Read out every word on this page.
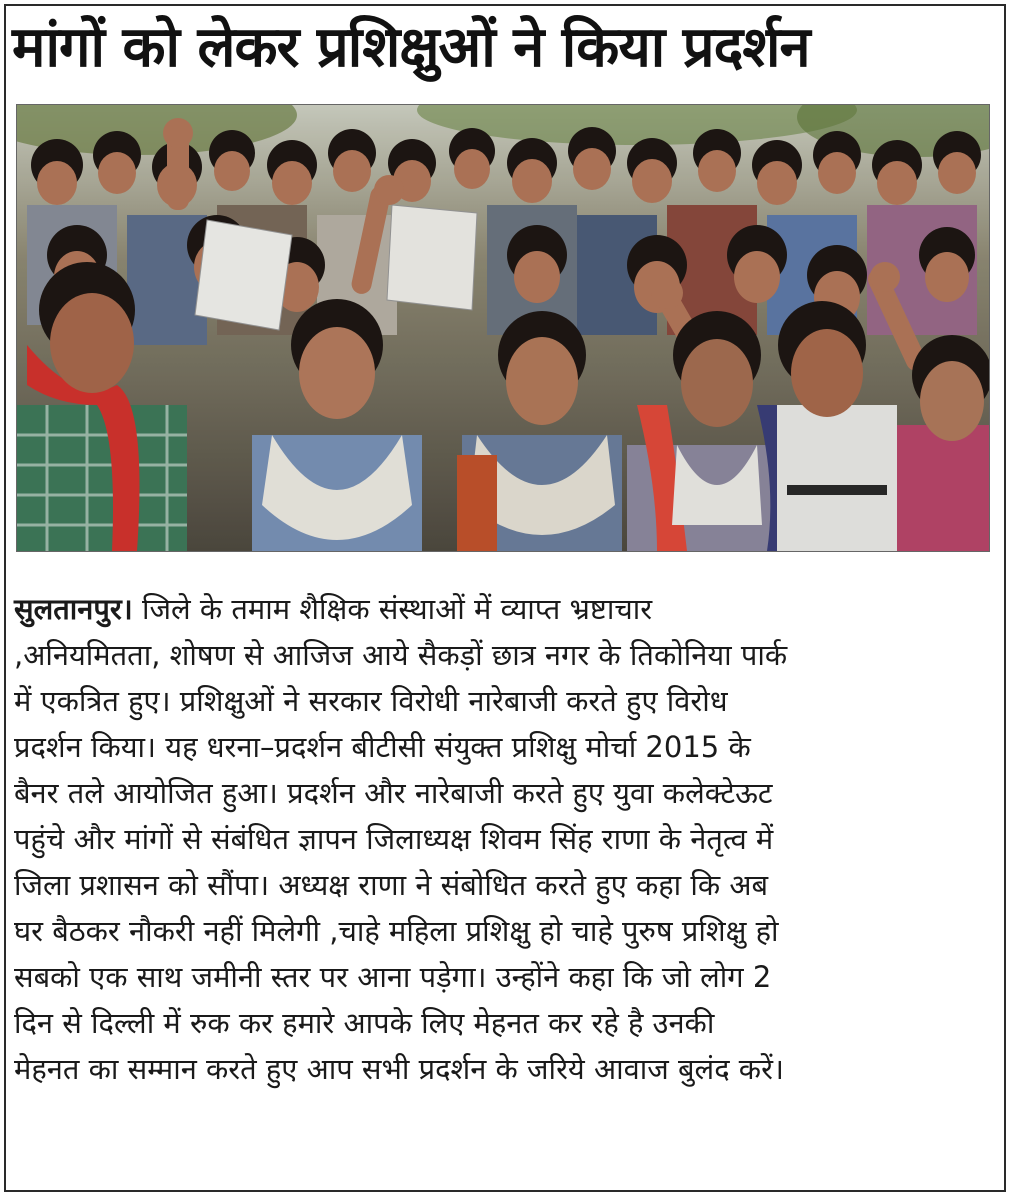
मांगों को लेकर प्रशिक्षुओं ने किया प्रदर्शन
सुलतानपुर। जिले के तमाम शैक्षिक संस्थाओं में व्याप्त भ्रष्टाचार
,अनियमितता, शोषण से आजिज आये सैकड़ों छात्र नगर के तिकोनिया पार्क
में एकत्रित हुए। प्रशिक्षुओं ने सरकार विरोधी नारेबाजी करते हुए विरोध
प्रदर्शन किया। यह धरना–प्रदर्शन बीटीसी संयुक्त प्रशिक्षु मोर्चा 2015 के
बैनर तले आयोजित हुआ। प्रदर्शन और नारेबाजी करते हुए युवा कलेक्टेऊट
पहुंचे और मांगों से संबंधित ज्ञापन जिलाध्यक्ष शिवम सिंह राणा के नेतृत्व में
जिला प्रशासन को सौंपा। अध्यक्ष राणा ने संबोधित करते हुए कहा कि अब
घर बैठकर नौकरी नहीं मिलेगी ,चाहे महिला प्रशिक्षु हो चाहे पुरुष प्रशिक्षु हो
सबको एक साथ जमीनी स्तर पर आना पड़ेगा। उन्होंने कहा कि जो लोग 2
दिन से दिल्ली में रुक कर हमारे आपके लिए मेहनत कर रहे है उनकी
मेहनत का सम्मान करते हुए आप सभी प्रदर्शन के जरिये आवाज बुलंद करें।
